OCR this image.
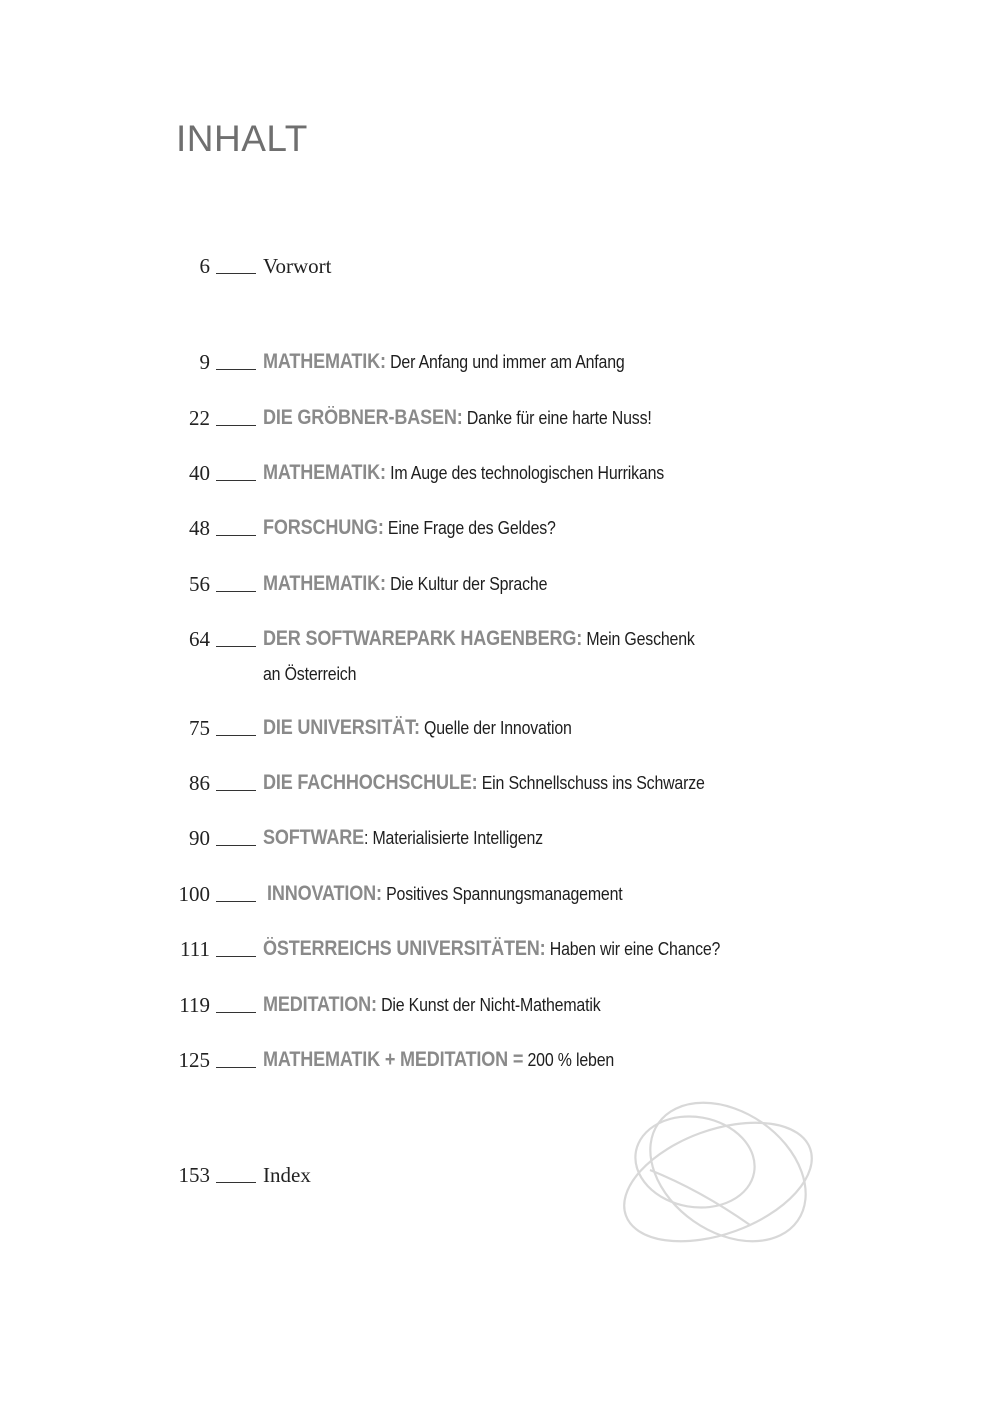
INHALT
6	Vorwort
9	MATHEMATIK: Der Anfang und immer am Anfang
22	DIE GRÖBNER-BASEN: Danke für eine harte Nuss!
40	MATHEMATIK: Im Auge des technologischen Hurrikans
48	FORSCHUNG: Eine Frage des Geldes?
56	MATHEMATIK: Die Kultur der Sprache
64	DER SOFTWAREPARK HAGENBERG: Mein Geschenk
an Österreich
75	DIE UNIVERSITÄT: Quelle der Innovation
86	DIE FACHHOCHSCHULE: Ein Schnellschuss ins Schwarze
90	SOFTWARE: Materialisierte Intelligenz
100	INNOVATION: Positives Spannungsmanagement
111	ÖSTERREICHS UNIVERSITÄTEN: Haben wir eine Chance?
119	MEDITATION: Die Kunst der Nicht-Mathematik
125	MATHEMATIK + MEDITATION = 200 % leben
153	Index
